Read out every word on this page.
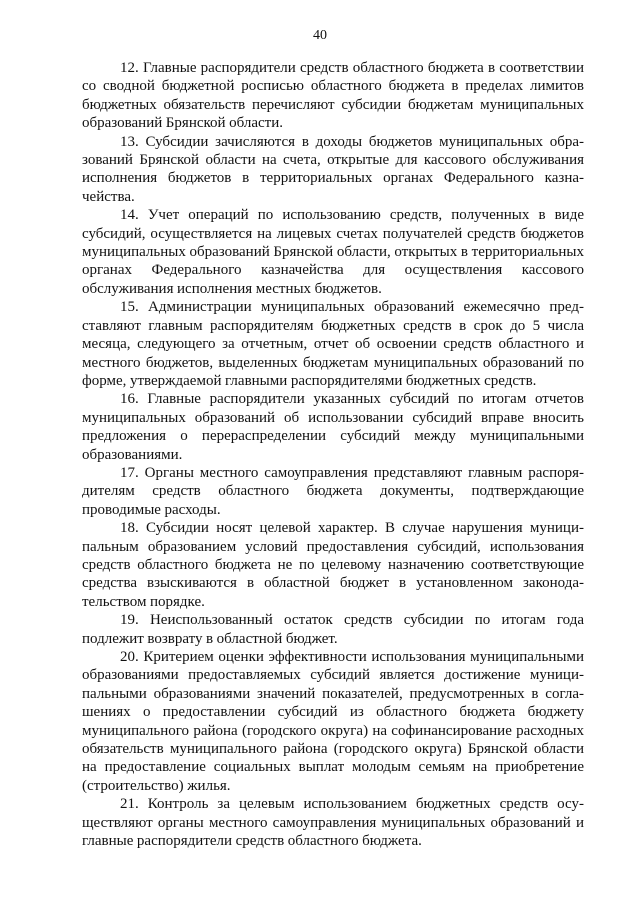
40

12. Главные распорядители средств областного бюджета в соответствии со сводной бюджетной росписью областного бюджета в пределах лимитов бюджетных обязательств перечисляют субсидии бюджетам муниципальных образований Брянской области.

13. Субсидии зачисляются в доходы бюджетов муниципальных образований Брянской области на счета, открытые для кассового обслуживания исполнения бюджетов в территориальных органах Федерального казначейства.

14. Учет операций по использованию средств, полученных в виде субсидий, осуществляется на лицевых счетах получателей средств бюджетов муниципальных образований Брянской области, открытых в территориальных органах Федерального казначейства для осуществления кассового обслуживания исполнения местных бюджетов.

15. Администрации муниципальных образований ежемесячно представляют главным распорядителям бюджетных средств в срок до 5 числа месяца, следующего за отчетным, отчет об освоении средств областного и местного бюджетов, выделенных бюджетам муниципальных образований по форме, утверждаемой главными распорядителями бюджетных средств.

16. Главные распорядители указанных субсидий по итогам отчетов муниципальных образований об использовании субсидий вправе вносить предложения о перераспределении субсидий между муниципальными образованиями.

17. Органы местного самоуправления представляют главным распорядителям средств областного бюджета документы, подтверждающие проводимые расходы.

18. Субсидии носят целевой характер. В случае нарушения муниципальным образованием условий предоставления субсидий, использования средств областного бюджета не по целевому назначению соответствующие средства взыскиваются в областной бюджет в установленном законодательством порядке.

19. Неиспользованный остаток средств субсидии по итогам года подлежит возврату в областной бюджет.

20. Критерием оценки эффективности использования муниципальными образованиями предоставляемых субсидий является достижение муниципальными образованиями значений показателей, предусмотренных в соглашениях о предоставлении субсидий из областного бюджета бюджету муниципального района (городского округа) на софинансирование расходных обязательств муниципального района (городского округа) Брянской области на предоставление социальных выплат молодым семьям на приобретение (строительство) жилья.

21. Контроль за целевым использованием бюджетных средств осуществляют органы местного самоуправления муниципальных образований и главные распорядители средств областного бюджета.
